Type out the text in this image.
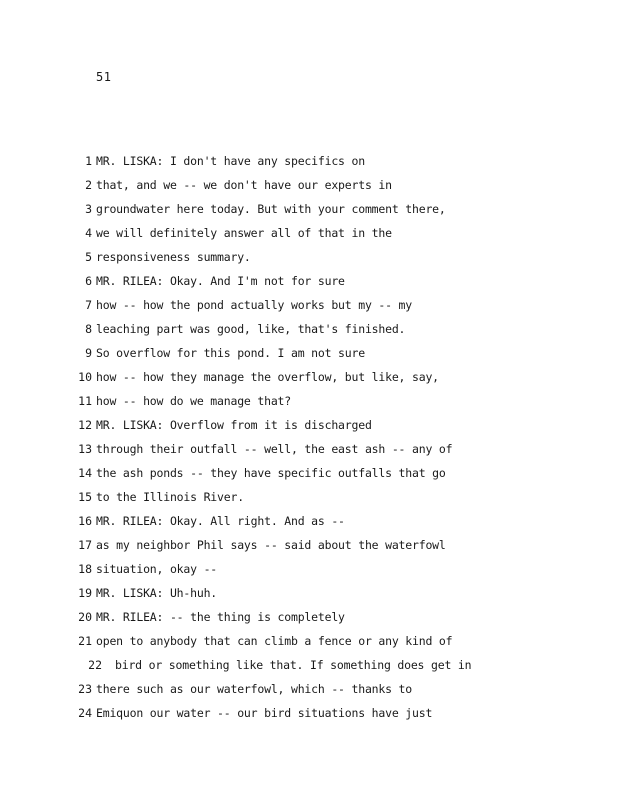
51
1 MR. LISKA: I don't have any specifics on
2 that, and we -- we don't have our experts in
3 groundwater here today. But with your comment there,
4 we will definitely answer all of that in the
5 responsiveness summary.
6 MR. RILEA: Okay. And I'm not for sure
7 how -- how the pond actually works but my -- my
8 leaching part was good, like, that's finished.
9 So overflow for this pond. I am not sure
10 how -- how they manage the overflow, but like, say,
11 how -- how do we manage that?
12 MR. LISKA: Overflow from it is discharged
13 through their outfall -- well, the east ash -- any of
14 the ash ponds -- they have specific outfalls that go
15 to the Illinois River.
16 MR. RILEA: Okay. All right. And as --
17 as my neighbor Phil says -- said about the waterfowl
18 situation, okay --
19 MR. LISKA: Uh-huh.
20 MR. RILEA: -- the thing is completely
21 open to anybody that can climb a fence or any kind of
22 bird or something like that. If something does get in
23 there such as our waterfowl, which -- thanks to
24 Emiquon our water -- our bird situations have just
